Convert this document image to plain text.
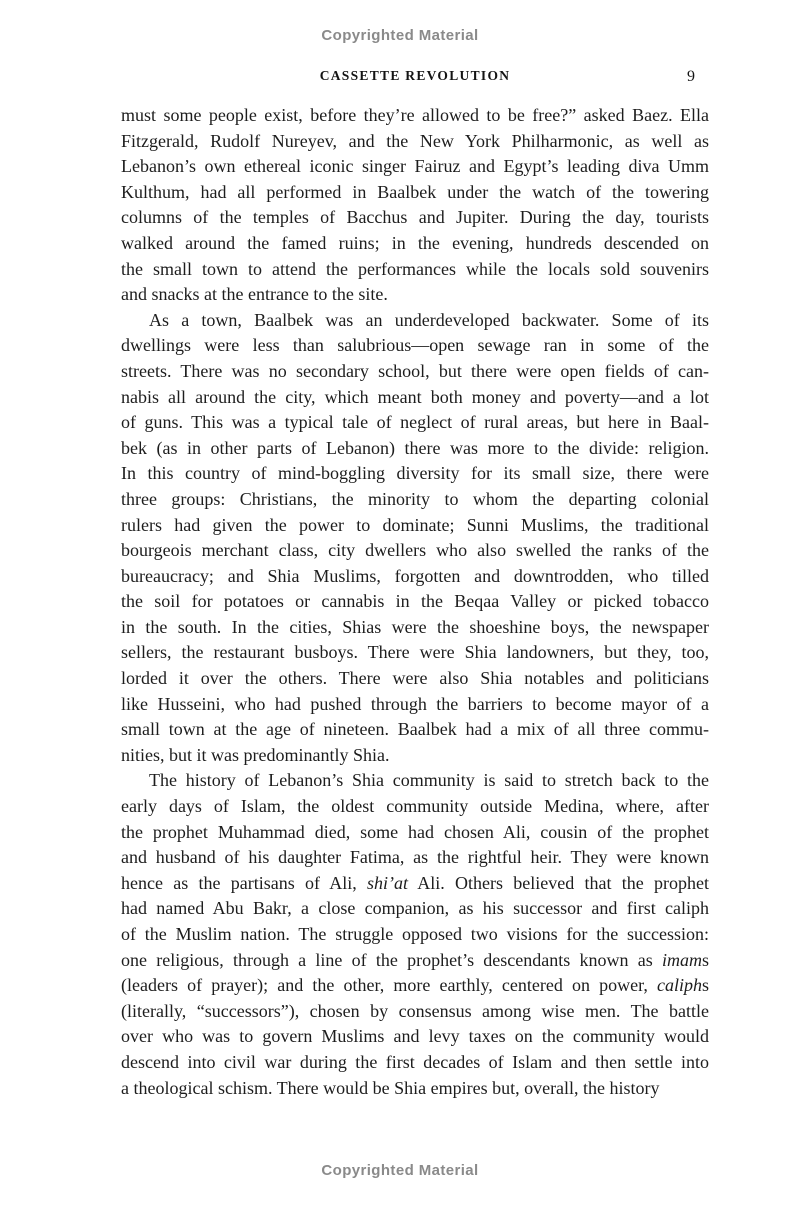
Copyrighted Material
CASSETTE REVOLUTION	9
must some people exist, before they’re allowed to be free?” asked Baez. Ella
Fitzgerald, Rudolf Nureyev, and the New York Philharmonic, as well as
Lebanon’s own ethereal iconic singer Fairuz and Egypt’s leading diva Umm
Kulthum, had all performed in Baalbek under the watch of the towering
columns of the temples of Bacchus and Jupiter. During the day, tourists
walked around the famed ruins; in the evening, hundreds descended on
the small town to attend the performances while the locals sold souvenirs
and snacks at the entrance to the site.
As a town, Baalbek was an underdeveloped backwater. Some of its
dwellings were less than salubrious—open sewage ran in some of the
streets. There was no secondary school, but there were open fields of can-
nabis all around the city, which meant both money and poverty—and a lot
of guns. This was a typical tale of neglect of rural areas, but here in Baal-
bek (as in other parts of Lebanon) there was more to the divide: religion.
In this country of mind-boggling diversity for its small size, there were
three groups: Christians, the minority to whom the departing colonial
rulers had given the power to dominate; Sunni Muslims, the traditional
bourgeois merchant class, city dwellers who also swelled the ranks of the
bureaucracy; and Shia Muslims, forgotten and downtrodden, who tilled
the soil for potatoes or cannabis in the Beqaa Valley or picked tobacco
in the south. In the cities, Shias were the shoeshine boys, the newspaper
sellers, the restaurant busboys. There were Shia landowners, but they, too,
lorded it over the others. There were also Shia notables and politicians
like Husseini, who had pushed through the barriers to become mayor of a
small town at the age of nineteen. Baalbek had a mix of all three commu-
nities, but it was predominantly Shia.
The history of Lebanon’s Shia community is said to stretch back to the
early days of Islam, the oldest community outside Medina, where, after
the prophet Muhammad died, some had chosen Ali, cousin of the prophet
and husband of his daughter Fatima, as the rightful heir. They were known
hence as the partisans of Ali, shi’at Ali. Others believed that the prophet
had named Abu Bakr, a close companion, as his successor and first caliph
of the Muslim nation. The struggle opposed two visions for the succession:
one religious, through a line of the prophet’s descendants known as imams
(leaders of prayer); and the other, more earthly, centered on power, caliphs
(literally, “successors”), chosen by consensus among wise men. The battle
over who was to govern Muslims and levy taxes on the community would
descend into civil war during the first decades of Islam and then settle into
a theological schism. There would be Shia empires but, overall, the history
Copyrighted Material
